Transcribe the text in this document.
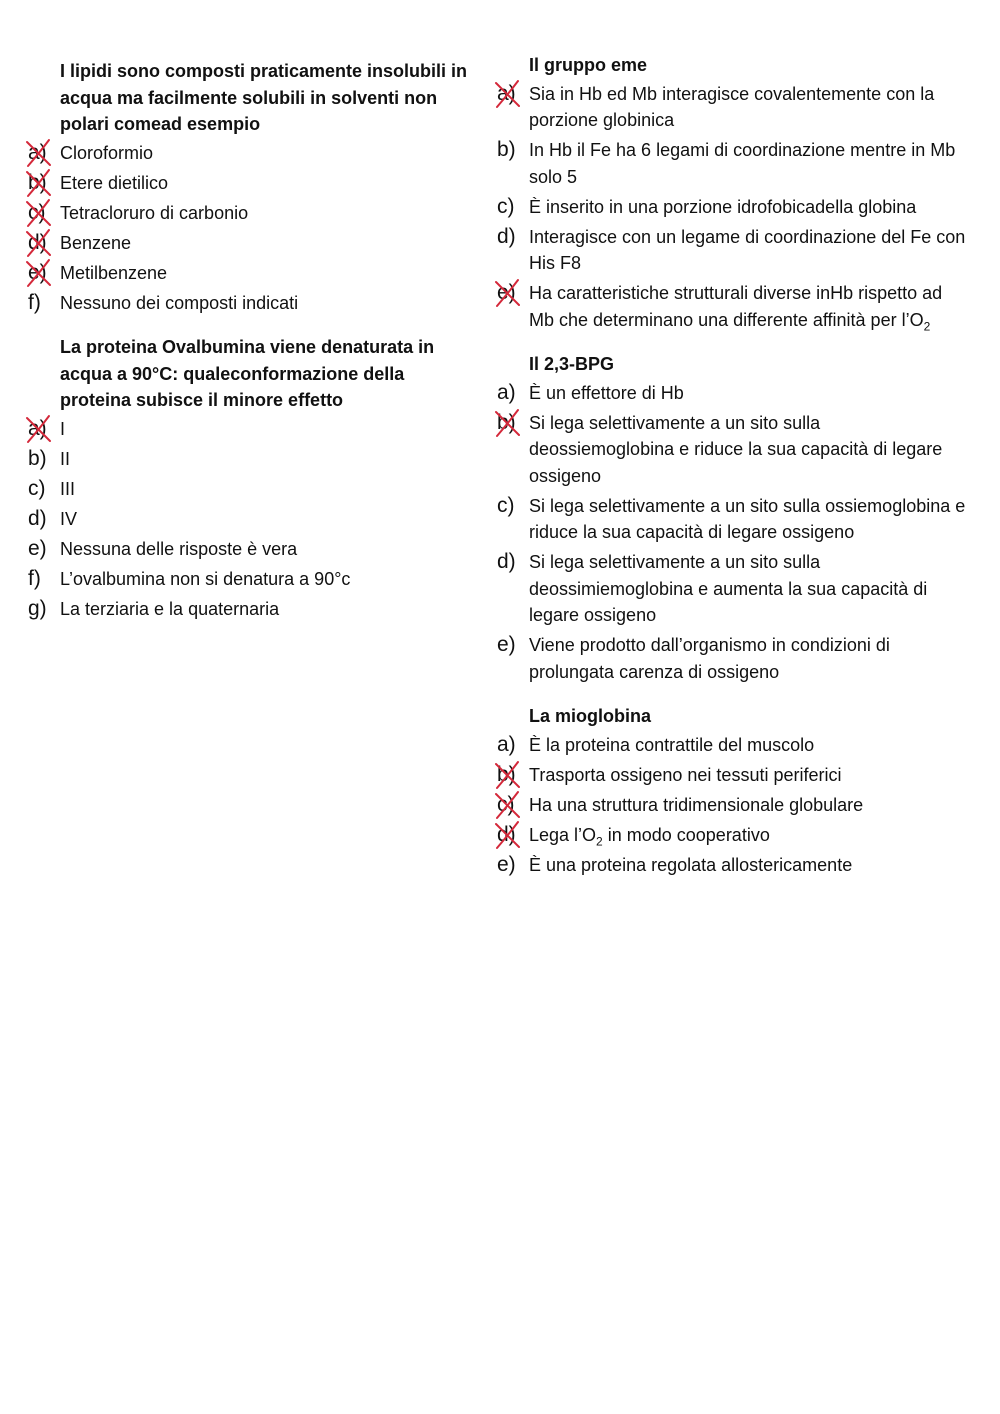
I lipidi sono composti praticamente insolubili in acqua ma facilmente solubili in solventi non polari comead esempio
a) Cloroformio
b) Etere dietilico
c) Tetracloruro di carbonio
d) Benzene
e) Metilbenzene
f)	Nessuno dei composti indicati
La proteina Ovalbumina viene denaturata in acqua a 90°C: qualeconformazione della proteina subisce il minore effetto
a) I
b) II
c) III
d) IV
e) Nessuna delle risposte è vera
f)	L’ovalbumina non si denatura a 90°c
g) La terziaria e la quaternaria
Il gruppo eme
a) Sia in Hb ed Mb interagisce covalentemente con la porzione globinica
b) In Hb il Fe ha 6 legami di coordinazione mentre in Mb solo 5
c) È inserito in una porzione idrofobicadella globina
d) Interagisce con un legame di coordinazione del Fe con His F8
e) Ha caratteristiche strutturali diverse inHb rispetto ad Mb che determinano una differente affinità per $l’O_2$
Il 2,3-BPG
a) È un effettore di Hb
b) Si lega selettivamente a un sito sulla deossiemoglobina e riduce la sua capacità di legare ossigeno
c) Si lega selettivamente a un sito sulla ossiemoglobina e riduce la sua capacità di legare ossigeno
d) Si lega selettivamente a un sito sulla deossimiemoglobina e aumenta la sua capacità di legare ossigeno
e) Viene prodotto dall’organismo in condizioni di prolungata carenza di ossigeno
La mioglobina
a) È la proteina contrattile del muscolo
b) Trasporta ossigeno nei tessuti periferici
c) Ha una struttura tridimensionale globulare
d) Lega $l’O_2$ in modo cooperativo
e) È una proteina regolata allostericamente
